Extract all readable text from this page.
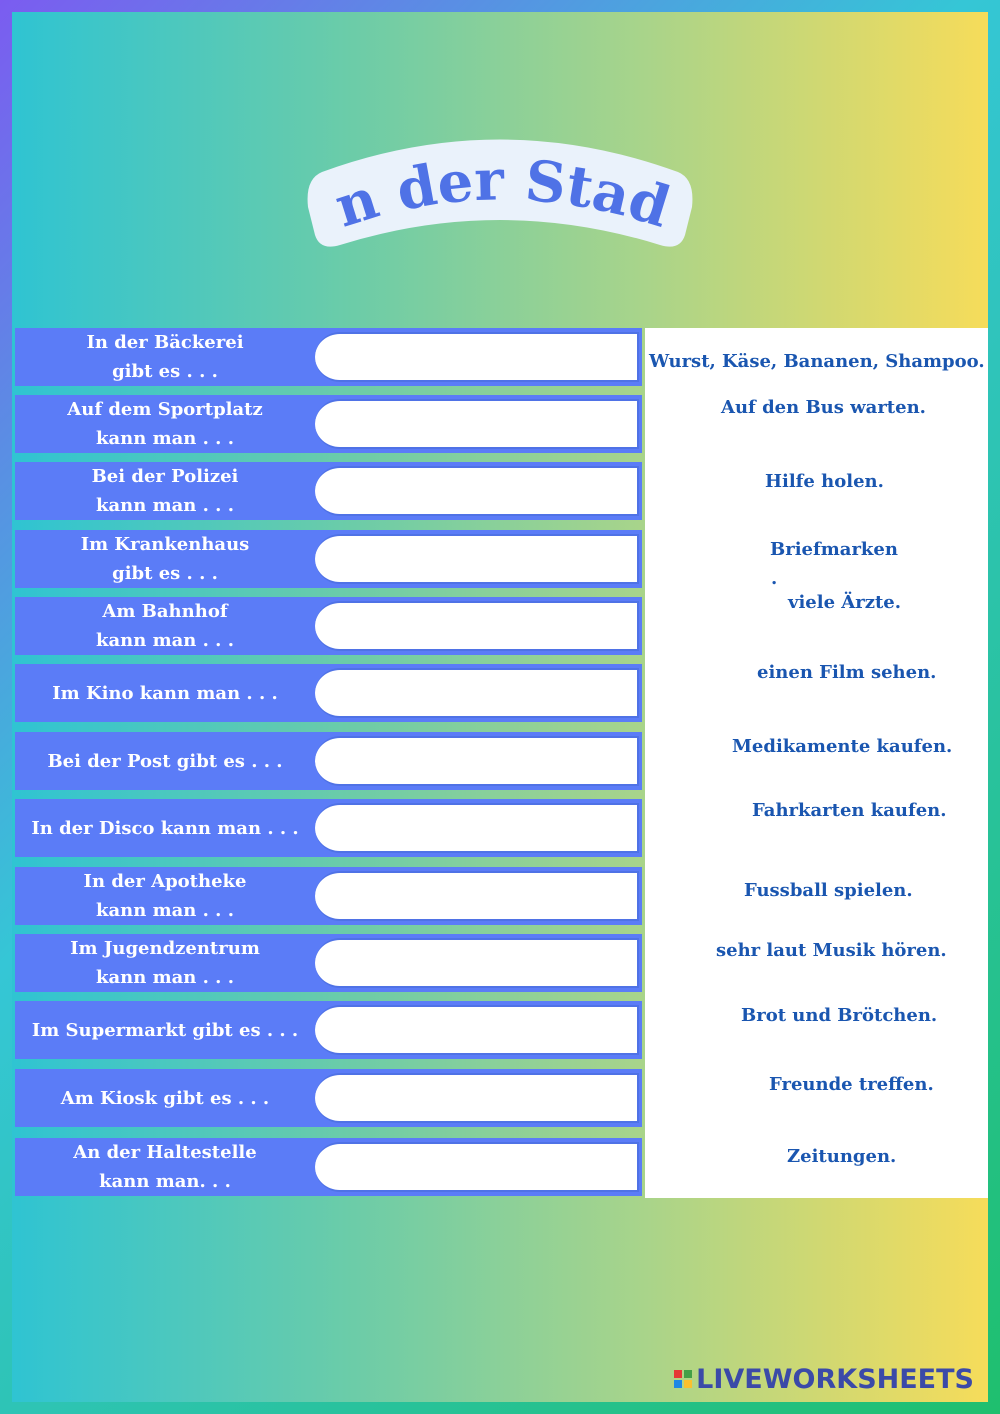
n der Stad
In der Bäckerei
gibt es . . .
Auf dem Sportplatz
kann man . . .
Bei der Polizei
kann man . . .
Im Krankenhaus
gibt es . . .
Am Bahnhof
kann man . . .
Im Kino kann man . . .
Bei der Post gibt es . . .
In der Disco kann man . . .
In der Apotheke
kann man . . .
Im Jugendzentrum
kann man . . .
Im Supermarkt gibt es . . .
Am Kiosk gibt es . . .
An der Haltestelle
kann man. . .
Wurst, Käse, Bananen, Shampoo.
Auf den Bus warten.
Hilfe holen.
Briefmarken
.
viele Ärzte.
einen Film sehen.
Medikamente kaufen.
Fahrkarten kaufen.
Fussball spielen.
sehr laut Musik hören.
Brot und Brötchen.
Freunde treffen.
Zeitungen.
LIVEWORKSHEETS
